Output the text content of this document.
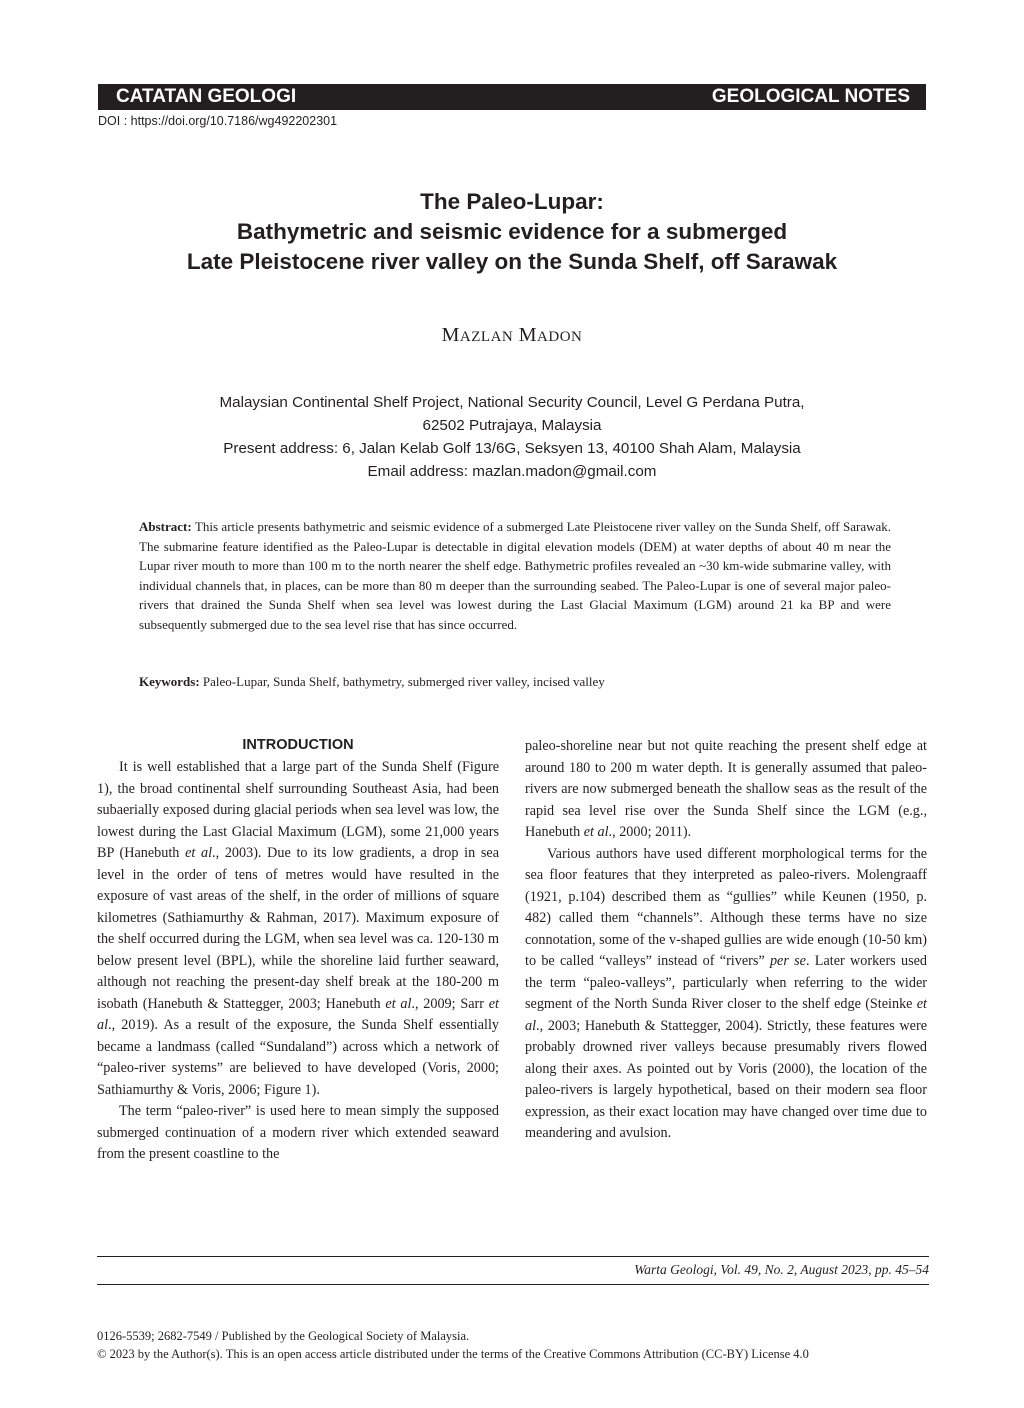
CATATAN GEOLOGI	GEOLOGICAL NOTES
DOI : https://doi.org/10.7186/wg492202301
The Paleo-Lupar:
Bathymetric and seismic evidence for a submerged
Late Pleistocene river valley on the Sunda Shelf, off Sarawak
MAZLAN MADON
Malaysian Continental Shelf Project, National Security Council, Level G Perdana Putra,
62502 Putrajaya, Malaysia
Present address: 6, Jalan Kelab Golf 13/6G, Seksyen 13, 40100 Shah Alam, Malaysia
Email address: mazlan.madon@gmail.com
Abstract: This article presents bathymetric and seismic evidence of a submerged Late Pleistocene river valley on the Sunda Shelf, off Sarawak. The submarine feature identified as the Paleo-Lupar is detectable in digital elevation models (DEM) at water depths of about 40 m near the Lupar river mouth to more than 100 m to the north nearer the shelf edge. Bathymetric profiles revealed an ~30 km-wide submarine valley, with individual channels that, in places, can be more than 80 m deeper than the surrounding seabed. The Paleo-Lupar is one of several major paleo-rivers that drained the Sunda Shelf when sea level was lowest during the Last Glacial Maximum (LGM) around 21 ka BP and were subsequently submerged due to the sea level rise that has since occurred.
Keywords: Paleo-Lupar, Sunda Shelf, bathymetry, submerged river valley, incised valley
INTRODUCTION

It is well established that a large part of the Sunda Shelf (Figure 1), the broad continental shelf surrounding Southeast Asia, had been subaerially exposed during glacial periods when sea level was low, the lowest during the Last Glacial Maximum (LGM), some 21,000 years BP (Hanebuth et al., 2003). Due to its low gradients, a drop in sea level in the order of tens of metres would have resulted in the exposure of vast areas of the shelf, in the order of millions of square kilometres (Sathiamurthy & Rahman, 2017). Maximum exposure of the shelf occurred during the LGM, when sea level was ca. 120-130 m below present level (BPL), while the shoreline laid further seaward, although not reaching the present-day shelf break at the 180-200 m isobath (Hanebuth & Stattegger, 2003; Hanebuth et al., 2009; Sarr et al., 2019). As a result of the exposure, the Sunda Shelf essentially became a landmass (called “Sundaland”) across which a network of “paleo-river systems” are believed to have developed (Voris, 2000; Sathiamurthy & Voris, 2006; Figure 1).

The term “paleo-river” is used here to mean simply the supposed submerged continuation of a modern river which extended seaward from the present coastline to the

paleo-shoreline near but not quite reaching the present shelf edge at around 180 to 200 m water depth. It is generally assumed that paleo-rivers are now submerged beneath the shallow seas as the result of the rapid sea level rise over the Sunda Shelf since the LGM (e.g., Hanebuth et al., 2000; 2011).

Various authors have used different morphological terms for the sea floor features that they interpreted as paleo-rivers. Molengraaff (1921, p.104) described them as “gullies” while Keunen (1950, p. 482) called them “channels”. Although these terms have no size connotation, some of the v-shaped gullies are wide enough (10-50 km) to be called “valleys” instead of “rivers” per se. Later workers used the term “paleo-valleys”, particularly when referring to the wider segment of the North Sunda River closer to the shelf edge (Steinke et al., 2003; Hanebuth & Stattegger, 2004). Strictly, these features were probably drowned river valleys because presumably rivers flowed along their axes. As pointed out by Voris (2000), the location of the paleo-rivers is largely hypothetical, based on their modern sea floor expression, as their exact location may have changed over time due to meandering and avulsion.

Warta Geologi, Vol. 49, No. 2, August 2023, pp. 45–54
0126-5539; 2682-7549 / Published by the Geological Society of Malaysia.
© 2023 by the Author(s). This is an open access article distributed under the terms of the Creative Commons Attribution (CC-BY) License 4.0
